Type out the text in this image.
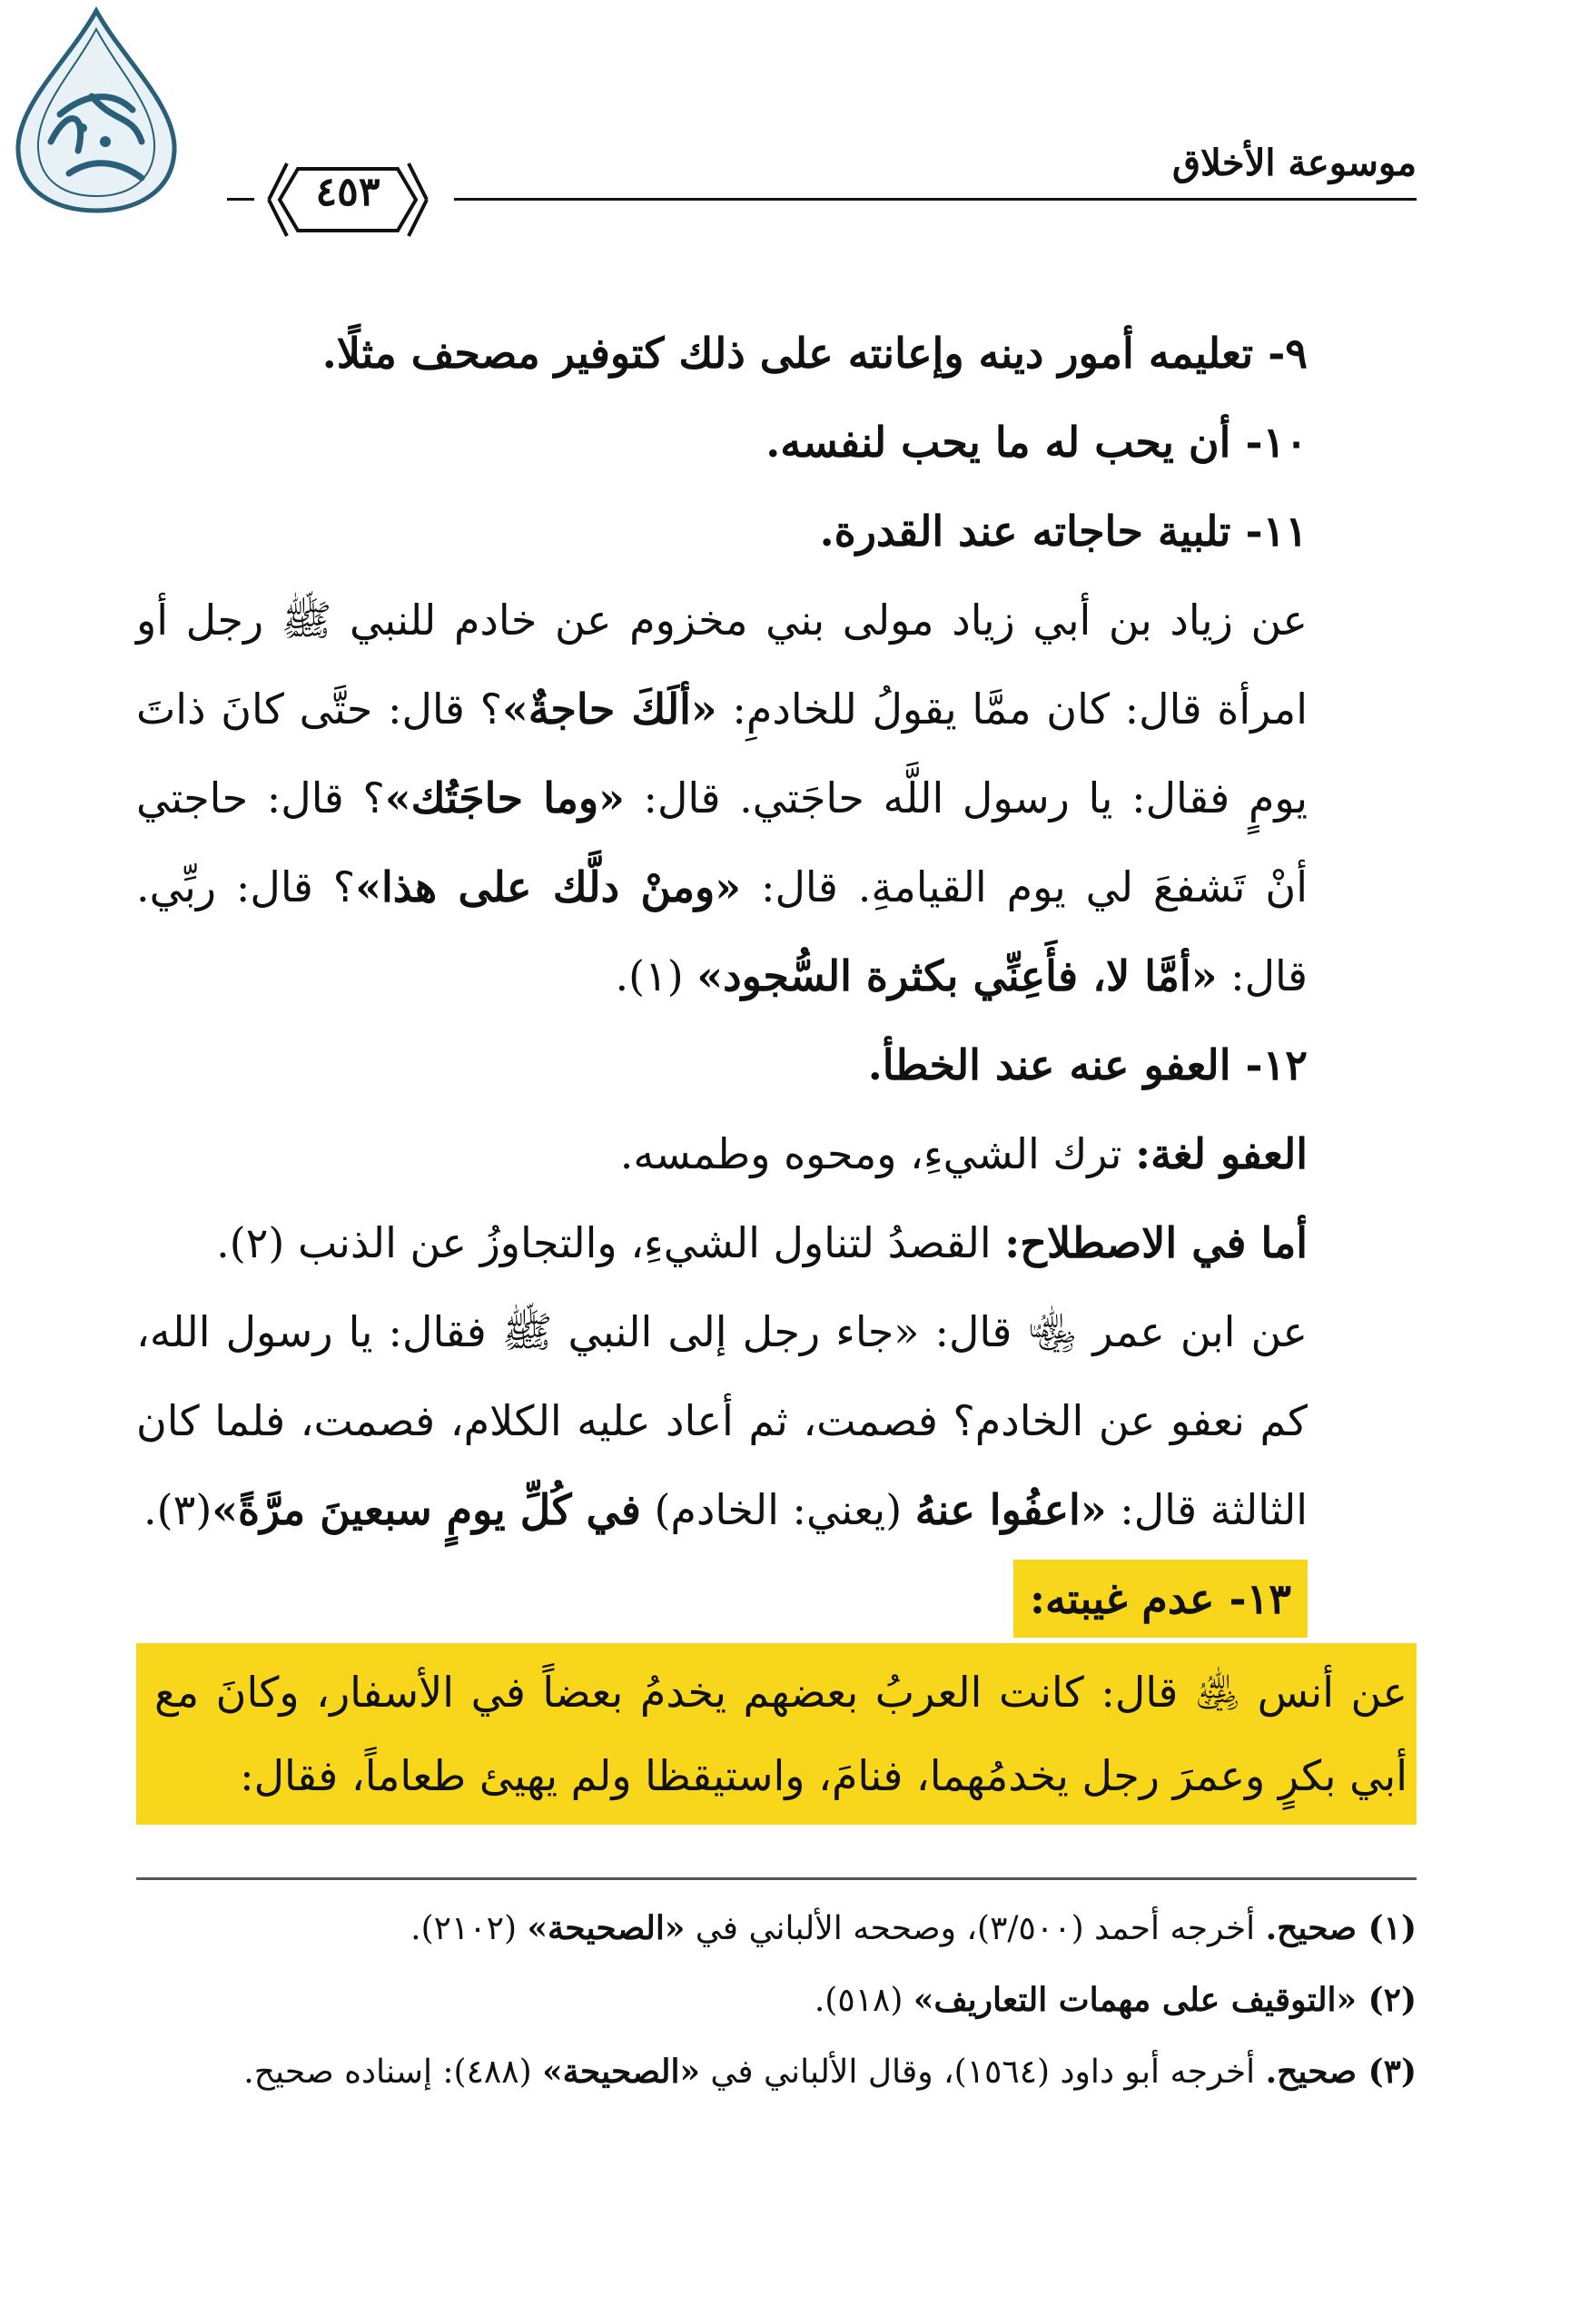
موسوعة الأخلاق
٤٥٣

٩- تعليمه أمور دينه وإعانته على ذلك كتوفير مصحف مثلًا.

١٠- أن يحب له ما يحب لنفسه.

١١- تلبية حاجاته عند القدرة.

عن زياد بن أبي زياد مولى بني مخزوم عن خادم للنبي ﷺ رجل أو امرأة قال: كان ممَّا يقولُ للخادمِ: «ألَكَ حاجةٌ»؟ قال: حتَّى كانَ ذاتَ يومٍ فقال: يا رسول اللَّه حاجَتي. قال: «وما حاجَتُك»؟ قال: حاجتي أنْ تَشفعَ لي يوم القيامةِ. قال: «ومنْ دلَّك على هذا»؟ قال: ربِّي. قال: «أمَّا لا، فأَعِنِّي بكثرة السُّجود» (١).

١٢- العفو عنه عند الخطأ.

العفو لغة: ترك الشيءِ، ومحوه وطمسه.

أما في الاصطلاح: القصدُ لتناول الشيءِ، والتجاوزُ عن الذنب (٢).

عن ابن عمر ﵄ قال: «جاء رجل إلى النبي ﷺ فقال: يا رسول الله، كم نعفو عن الخادم؟ فصمت، ثم أعاد عليه الكلام، فصمت، فلما كان الثالثة قال: «اعفُوا عنهُ (يعني: الخادم) في كُلِّ يومٍ سبعينَ مرَّةً»(٣).

١٣- عدم غيبته:

عن أنس ﵁ قال: كانت العربُ بعضهم يخدمُ بعضاً في الأسفار، وكانَ مع أبي بكرٍ وعمرَ رجل يخدمُهما، فنامَ، واستيقظا ولم يهيئ طعاماً، فقال:

(١) صحيح. أخرجه أحمد (٣/٥٠٠)، وصححه الألباني في «الصحيحة» (٢١٠٢).

(٢) «التوقيف على مهمات التعاريف» (٥١٨).

(٣) صحيح. أخرجه أبو داود (١٥٦٤)، وقال الألباني في «الصحيحة» (٤٨٨): إسناده صحيح.
